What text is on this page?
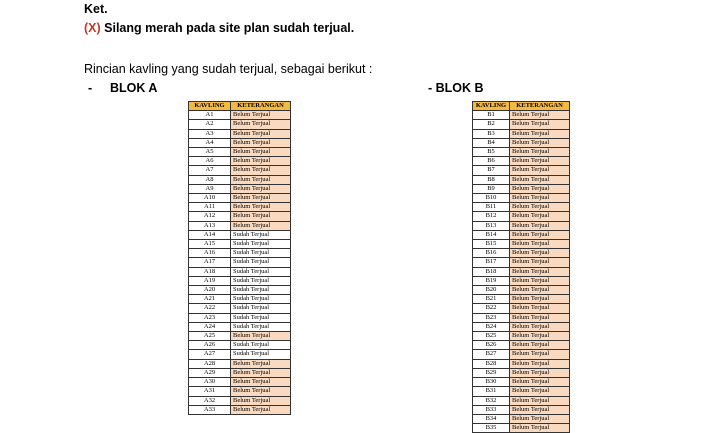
Ket.
(X) Silang merah pada site plan sudah terjual.
Rincian kavling yang sudah terjual, sebagai berikut :
- BLOK A	- BLOK B
KAVLING	KETERANGAN
A1	Belum Terjual
A2	Belum Terjual
A3	Belum Terjual
A4	Belum Terjual
A5	Belum Terjual
A6	Belum Terjual
A7	Belum Terjual
A8	Belum Terjual
A9	Belum Terjual
A10	Belum Terjual
A11	Belum Terjual
A12	Belum Terjual
A13	Belum Terjual
A14	Sudah Terjual
A15	Sudah Terjual
A16	Sudah Terjual
A17	Sudah Terjual
A18	Sudah Terjual
A19	Sudah Terjual
A20	Sudah Terjual
A21	Sudah Terjual
A22	Sudah Terjual
A23	Sudah Terjual
A24	Sudah Terjual
A25	Belum Terjual
A26	Sudah Terjual
A27	Sudah Terjual
A28	Belum Terjual
A29	Belum Terjual
A30	Belum Terjual
A31	Belum Terjual
A32	Belum Terjual
A33	Belum Terjual
KAVLING	KETERANGAN
B1	Belum Terjual
B2	Belum Terjual
B3	Belum Terjual
B4	Belum Terjual
B5	Belum Terjual
B6	Belum Terjual
B7	Belum Terjual
B8	Belum Terjual
B9	Belum Terjual
B10	Belum Terjual
B11	Belum Terjual
B12	Belum Terjual
B13	Belum Terjual
B14	Belum Terjual
B15	Belum Terjual
B16	Belum Terjual
B17	Belum Terjual
B18	Belum Terjual
B19	Belum Terjual
B20	Belum Terjual
B21	Belum Terjual
B22	Belum Terjual
B23	Belum Terjual
B24	Belum Terjual
B25	Belum Terjual
B26	Belum Terjual
B27	Belum Terjual
B28	Belum Terjual
B29	Belum Terjual
B30	Belum Terjual
B31	Belum Terjual
B32	Belum Terjual
B33	Belum Terjual
B34	Belum Terjual
B35	Belum Terjual
